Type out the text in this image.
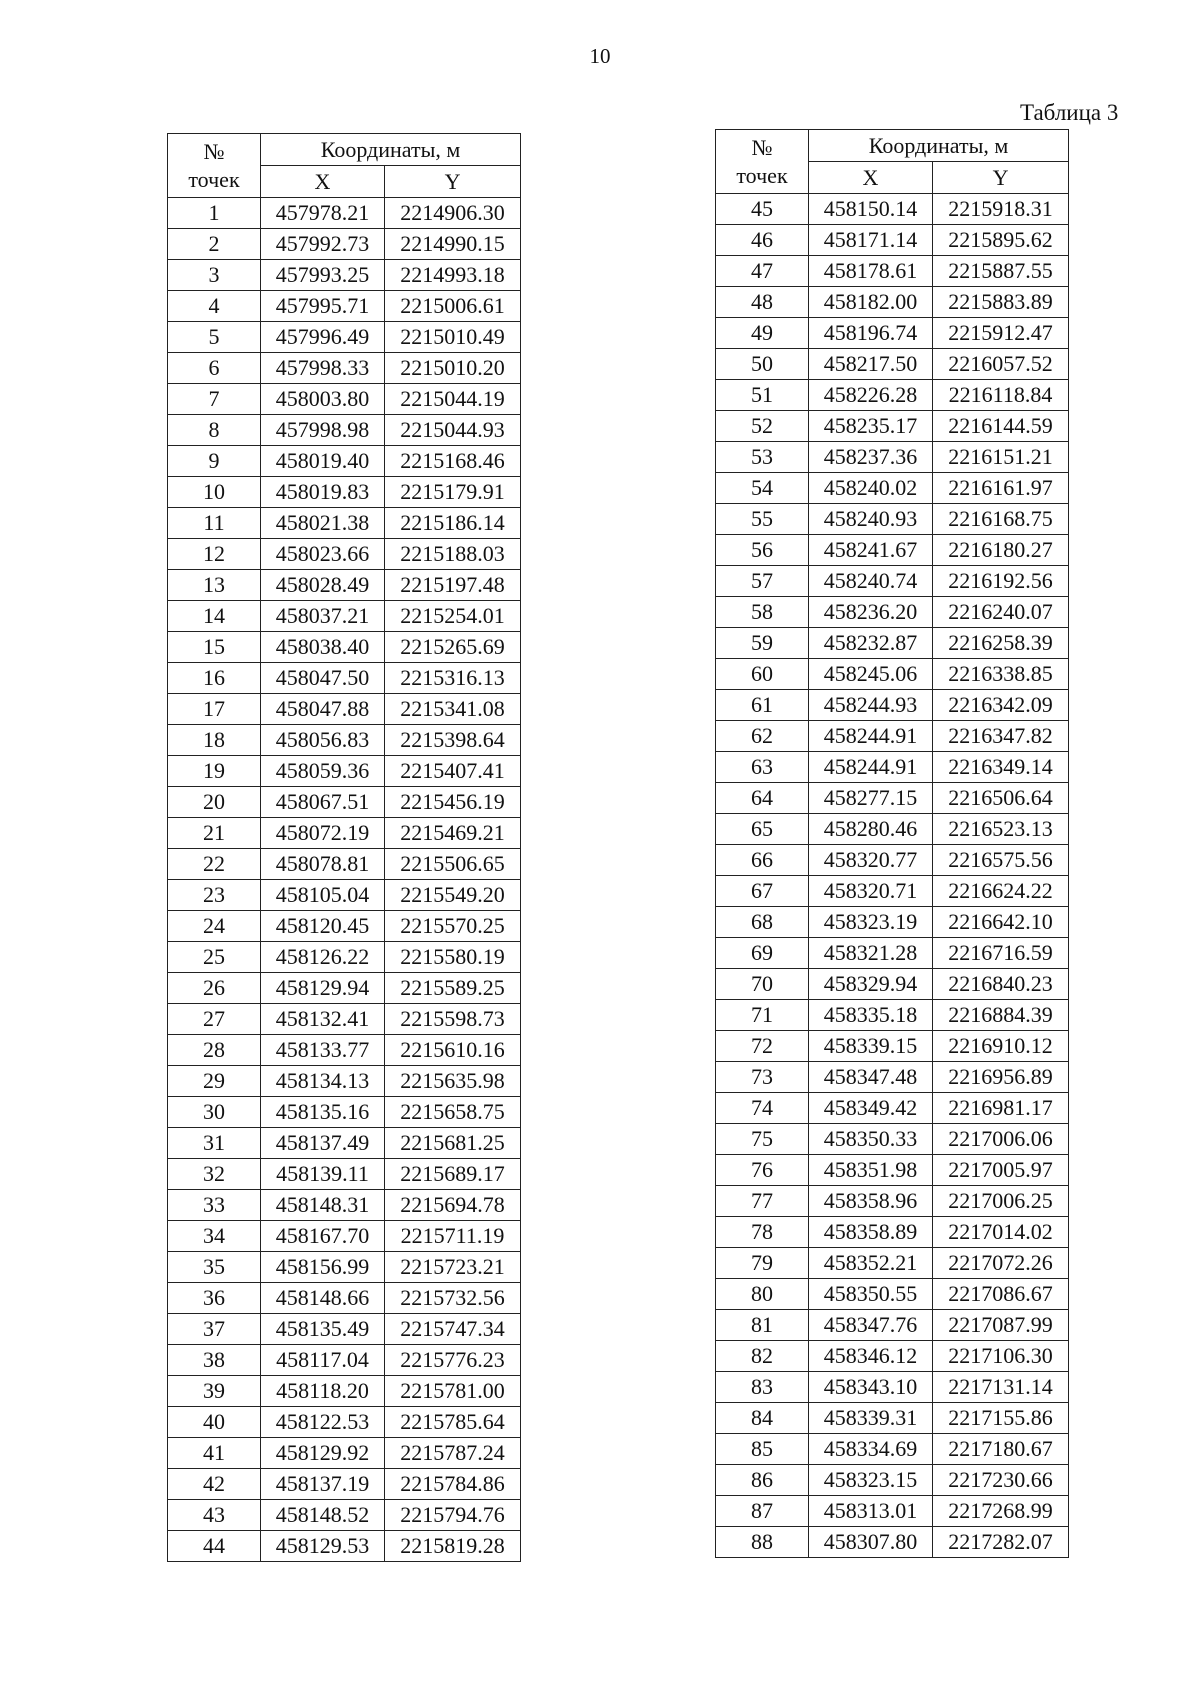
10
Таблица 3
№
точек	Координаты, м	
	X	Y
1	457978.21	2214906.30
2	457992.73	2214990.15
3	457993.25	2214993.18
4	457995.71	2215006.61
5	457996.49	2215010.49
6	457998.33	2215010.20
7	458003.80	2215044.19
8	457998.98	2215044.93
9	458019.40	2215168.46
10	458019.83	2215179.91
11	458021.38	2215186.14
12	458023.66	2215188.03
13	458028.49	2215197.48
14	458037.21	2215254.01
15	458038.40	2215265.69
16	458047.50	2215316.13
17	458047.88	2215341.08
18	458056.83	2215398.64
19	458059.36	2215407.41
20	458067.51	2215456.19
21	458072.19	2215469.21
22	458078.81	2215506.65
23	458105.04	2215549.20
24	458120.45	2215570.25
25	458126.22	2215580.19
26	458129.94	2215589.25
27	458132.41	2215598.73
28	458133.77	2215610.16
29	458134.13	2215635.98
30	458135.16	2215658.75
31	458137.49	2215681.25
32	458139.11	2215689.17
33	458148.31	2215694.78
34	458167.70	2215711.19
35	458156.99	2215723.21
36	458148.66	2215732.56
37	458135.49	2215747.34
38	458117.04	2215776.23
39	458118.20	2215781.00
40	458122.53	2215785.64
41	458129.92	2215787.24
42	458137.19	2215784.86
43	458148.52	2215794.76
44	458129.53	2215819.28
№
точек	Координаты, м	
	X	Y
45	458150.14	2215918.31
46	458171.14	2215895.62
47	458178.61	2215887.55
48	458182.00	2215883.89
49	458196.74	2215912.47
50	458217.50	2216057.52
51	458226.28	2216118.84
52	458235.17	2216144.59
53	458237.36	2216151.21
54	458240.02	2216161.97
55	458240.93	2216168.75
56	458241.67	2216180.27
57	458240.74	2216192.56
58	458236.20	2216240.07
59	458232.87	2216258.39
60	458245.06	2216338.85
61	458244.93	2216342.09
62	458244.91	2216347.82
63	458244.91	2216349.14
64	458277.15	2216506.64
65	458280.46	2216523.13
66	458320.77	2216575.56
67	458320.71	2216624.22
68	458323.19	2216642.10
69	458321.28	2216716.59
70	458329.94	2216840.23
71	458335.18	2216884.39
72	458339.15	2216910.12
73	458347.48	2216956.89
74	458349.42	2216981.17
75	458350.33	2217006.06
76	458351.98	2217005.97
77	458358.96	2217006.25
78	458358.89	2217014.02
79	458352.21	2217072.26
80	458350.55	2217086.67
81	458347.76	2217087.99
82	458346.12	2217106.30
83	458343.10	2217131.14
84	458339.31	2217155.86
85	458334.69	2217180.67
86	458323.15	2217230.66
87	458313.01	2217268.99
88	458307.80	2217282.07
